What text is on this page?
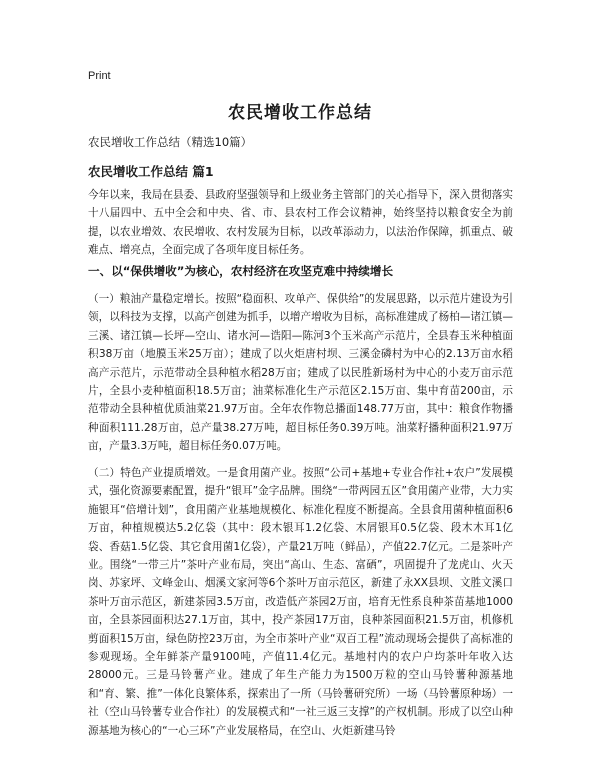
Print
农民增收工作总结
农民增收工作总结（精选10篇）
农民增收工作总结 篇1

今年以来，我局在县委、县政府坚强领导和上级业务主管部门的关心指导下，深入贯彻落实十八届四中、五中全会和中央、省、市、县农村工作会议精神，始终坚持以粮食安全为前提，以农业增效、农民增收、农村发展为目标，以改革添动力，以法治作保障，抓重点、破难点、增亮点，全面完成了各项年度目标任务。

一、以“保供增收”为核心，农村经济在攻坚克难中持续增长

（一）粮油产量稳定增长。按照“稳面积、攻单产、保供给”的发展思路，以示范片建设为引领，以科技为支撑，以高产创建为抓手，以增产增收为目标，高标准建成了杨柏—诸江镇—三溪、诸江镇—长坪—空山、诸水河—诰阳—陈河3个玉米高产示范片，全县春玉米种植面积38万亩（地膜玉米25万亩）；建成了以火炬唐村坝、三溪金磷村为中心的2.13万亩水稻高产示范片，示范带动全县种植水稻28万亩；建成了以民胜新场村为中心的小麦万亩示范片，全县小麦种植面积18.5万亩；油菜标准化生产示范区2.15万亩、集中育苗200亩，示范带动全县种植优质油菜21.97万亩。全年农作物总播面148.77万亩，其中：粮食作物播种面积111.28万亩，总产量38.27万吨，超目标任务0.39万吨。油菜籽播种面积21.97万亩，产量3.3万吨，超目标任务0.07万吨。

（二）特色产业提质增效。一是食用菌产业。按照“公司+基地+专业合作社+农户”发展模式，强化资源要素配置，提升“银耳”金字品牌。围绕“一带两园五区”食用菌产业带，大力实施银耳“倍增计划”，食用菌产业基地规模化、标准化程度不断提高。全县食用菌种植面积6万亩，种植规模达5.2亿袋（其中：段木银耳1.2亿袋、木屑银耳0.5亿袋、段木木耳1亿袋、香菇1.5亿袋、其它食用菌1亿袋），产量21万吨（鲜品），产值22.7亿元。二是茶叶产业。围绕“一带三片”茶叶产业布局，突出“高山、生态、富硒”，巩固提升了龙虎山、火天岗、苏家坪、文峰金山、烟溪文家河等6个茶叶万亩示范区，新建了永XX县坝、文胜文溪口茶叶万亩示范区，新建茶园3.5万亩，改造低产茶园2万亩，培育无性系良种茶苗基地1000亩，全县茶园面积达27.1万亩，其中，投产茶园17万亩，良种茶园面积21.5万亩，机修机剪面积15万亩，绿色防控23万亩，为全市茶叶产业“双百工程”流动现场会提供了高标准的参观现场。全年鲜茶产量9100吨，产值11.4亿元。基地村内的农户户均茶叶年收入达28000元。三是马铃薯产业。建成了年生产能力为1500万粒的空山马铃薯种源基地和“育、繁、推”一体化良繁体系，探索出了一所（马铃薯研究所）一场（马铃薯原种场）一社（空山马铃薯专业合作社）的发展模式和“一社三返三支撑”的产权机制。形成了以空山种源基地为核心的“一心三环”产业发展格局，在空山、火炬新建马铃
